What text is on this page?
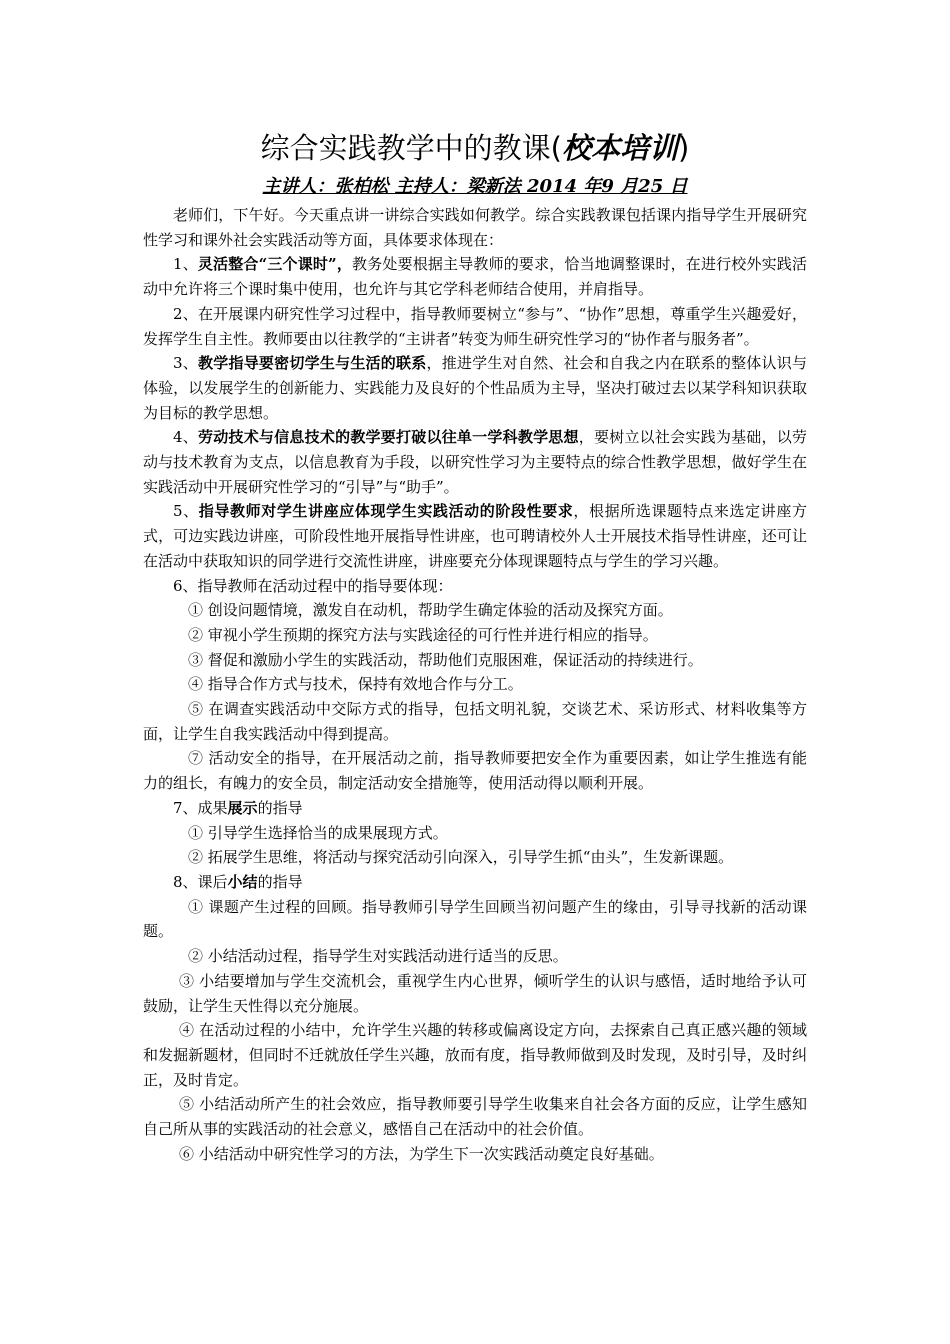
综合实践教学中的教课(校本培训)
主讲人：张柏松 主持人：梁新法 2014 年9 月25 日

老师们，下午好。今天重点讲一讲综合实践如何教学。综合实践教课包括课内指导学生开展研究性学习和课外社会实践活动等方面，具体要求体现在：

1、灵活整合“三个课时”，教务处要根据主导教师的要求，恰当地调整课时，在进行校外实践活动中允许将三个课时集中使用，也允许与其它学科老师结合使用，并肩指导。

2、在开展课内研究性学习过程中，指导教师要树立“参与”、“协作”思想，尊重学生兴趣爱好，发挥学生自主性。教师要由以往教学的“主讲者”转变为师生研究性学习的“协作者与服务者”。

3、教学指导要密切学生与生活的联系，推进学生对自然、社会和自我之内在联系的整体认识与体验，以发展学生的创新能力、实践能力及良好的个性品质为主导，坚决打破过去以某学科知识获取为目标的教学思想。

4、劳动技术与信息技术的教学要打破以往单一学科教学思想，要树立以社会实践为基础，以劳动与技术教育为支点，以信息教育为手段，以研究性学习为主要特点的综合性教学思想，做好学生在实践活动中开展研究性学习的“引导”与“助手”。

5、指导教师对学生讲座应体现学生实践活动的阶段性要求，根据所选课题特点来选定讲座方式，可边实践边讲座，可阶段性地开展指导性讲座，也可聘请校外人士开展技术指导性讲座，还可让在活动中获取知识的同学进行交流性讲座，讲座要充分体现课题特点与学生的学习兴趣。

6、指导教师在活动过程中的指导要体现：

① 创设问题情境，激发自在动机，帮助学生确定体验的活动及探究方面。

② 审视小学生预期的探究方法与实践途径的可行性并进行相应的指导。

③ 督促和激励小学生的实践活动，帮助他们克服困难，保证活动的持续进行。

④ 指导合作方式与技术，保持有效地合作与分工。

⑤ 在调查实践活动中交际方式的指导，包括文明礼貌，交谈艺术、采访形式、材料收集等方面，让学生自我实践活动中得到提高。

⑦ 活动安全的指导，在开展活动之前，指导教师要把安全作为重要因素，如让学生推选有能力的组长，有魄力的安全员，制定活动安全措施等，使用活动得以顺利开展。

7、成果展示的指导

① 引导学生选择恰当的成果展现方式。

② 拓展学生思维，将活动与探究活动引向深入，引导学生抓“由头”，生发新课题。

8、课后小结的指导

① 课题产生过程的回顾。指导教师引导学生回顾当初问题产生的缘由，引导寻找新的活动课题。

② 小结活动过程，指导学生对实践活动进行适当的反思。

③ 小结要增加与学生交流机会，重视学生内心世界，倾听学生的认识与感悟，适时地给予认可鼓励，让学生天性得以充分施展。

④ 在活动过程的小结中，允许学生兴趣的转移或偏离设定方向，去探索自己真正感兴趣的领域和发掘新题材，但同时不迁就放任学生兴趣，放而有度，指导教师做到及时发现，及时引导，及时纠正，及时肯定。

⑤ 小结活动所产生的社会效应，指导教师要引导学生收集来自社会各方面的反应，让学生感知自己所从事的实践活动的社会意义，感悟自己在活动中的社会价值。

⑥ 小结活动中研究性学习的方法，为学生下一次实践活动奠定良好基础。
